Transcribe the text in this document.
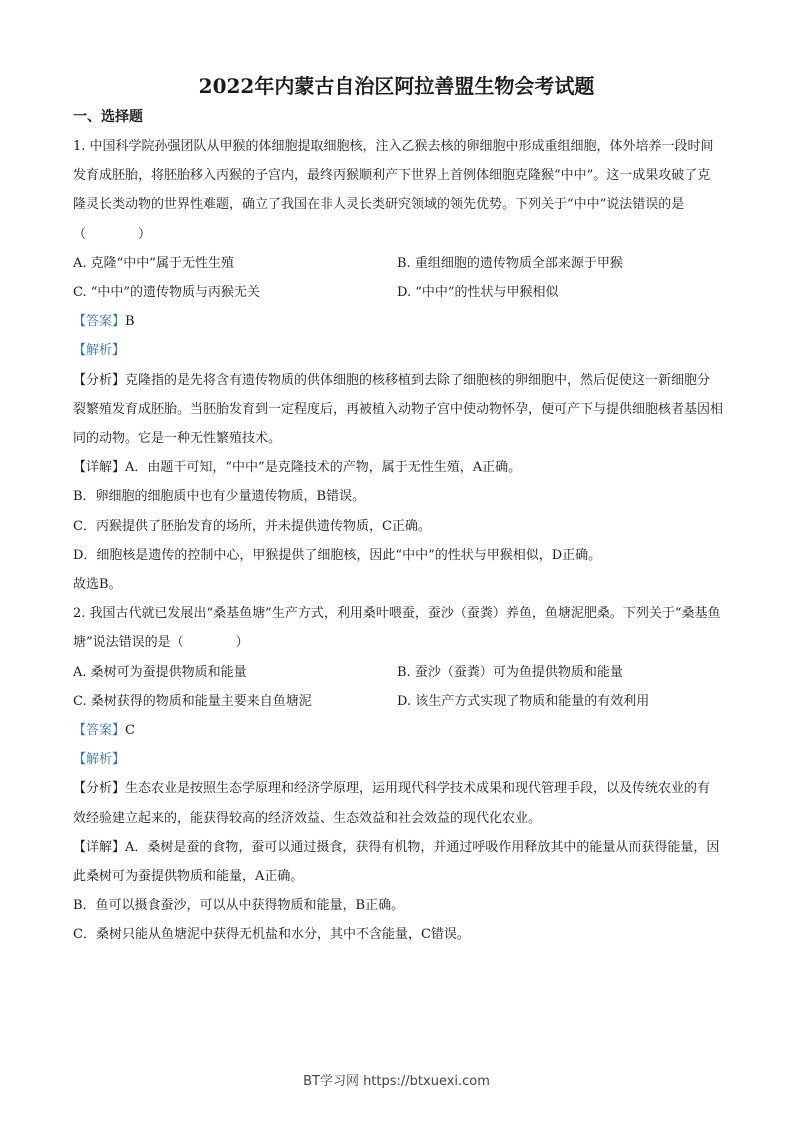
2022年内蒙古自治区阿拉善盟生物会考试题
一、选择题

1. 中国科学院孙强团队从甲猴的体细胞提取细胞核，注入乙猴去核的卵细胞中形成重组细胞，体外培养一段时间发育成胚胎，将胚胎移入丙猴的子宫内，最终丙猴顺利产下世界上首例体细胞克隆猴“中中”。这一成果攻破了克隆灵长类动物的世界性难题，确立了我国在非人灵长类研究领域的领先优势。下列关于“中中”说法错误的是（　　　　）

A. 克隆“中中”属于无性生殖	B. 重组细胞的遗传物质全部来源于甲猴
C. “中中”的遗传物质与丙猴无关	D. “中中”的性状与甲猴相似

【答案】B

【解析】

【分析】克隆指的是先将含有遗传物质的供体细胞的核移植到去除了细胞核的卵细胞中，然后促使这一新细胞分裂繁殖发育成胚胎。当胚胎发育到一定程度后，再被植入动物子宫中使动物怀孕，便可产下与提供细胞核者基因相同的动物。它是一种无性繁殖技术。

【详解】A．由题干可知，“中中”是克隆技术的产物，属于无性生殖，A正确。

B．卵细胞的细胞质中也有少量遗传物质，B错误。

C．丙猴提供了胚胎发育的场所，并未提供遗传物质，C正确。

D．细胞核是遗传的控制中心，甲猴提供了细胞核，因此“中中”的性状与甲猴相似，D正确。

故选B。

2. 我国古代就已发展出“桑基鱼塘”生产方式，利用桑叶喂蚕，蚕沙（蚕粪）养鱼，鱼塘泥肥桑。下列关于“桑基鱼塘”说法错误的是（　　　　）

A. 桑树可为蚕提供物质和能量	B. 蚕沙（蚕粪）可为鱼提供物质和能量
C. 桑树获得的物质和能量主要来自鱼塘泥	D. 该生产方式实现了物质和能量的有效利用

【答案】C

【解析】

【分析】生态农业是按照生态学原理和经济学原理，运用现代科学技术成果和现代管理手段，以及传统农业的有效经验建立起来的，能获得较高的经济效益、生态效益和社会效益的现代化农业。

【详解】A．桑树是蚕的食物，蚕可以通过摄食，获得有机物，并通过呼吸作用释放其中的能量从而获得能量，因此桑树可为蚕提供物质和能量，A正确。

B．鱼可以摄食蚕沙，可以从中获得物质和能量，B正确。

C．桑树只能从鱼塘泥中获得无机盐和水分，其中不含能量，C错误。

BT学习网 https://btxuexi.com
